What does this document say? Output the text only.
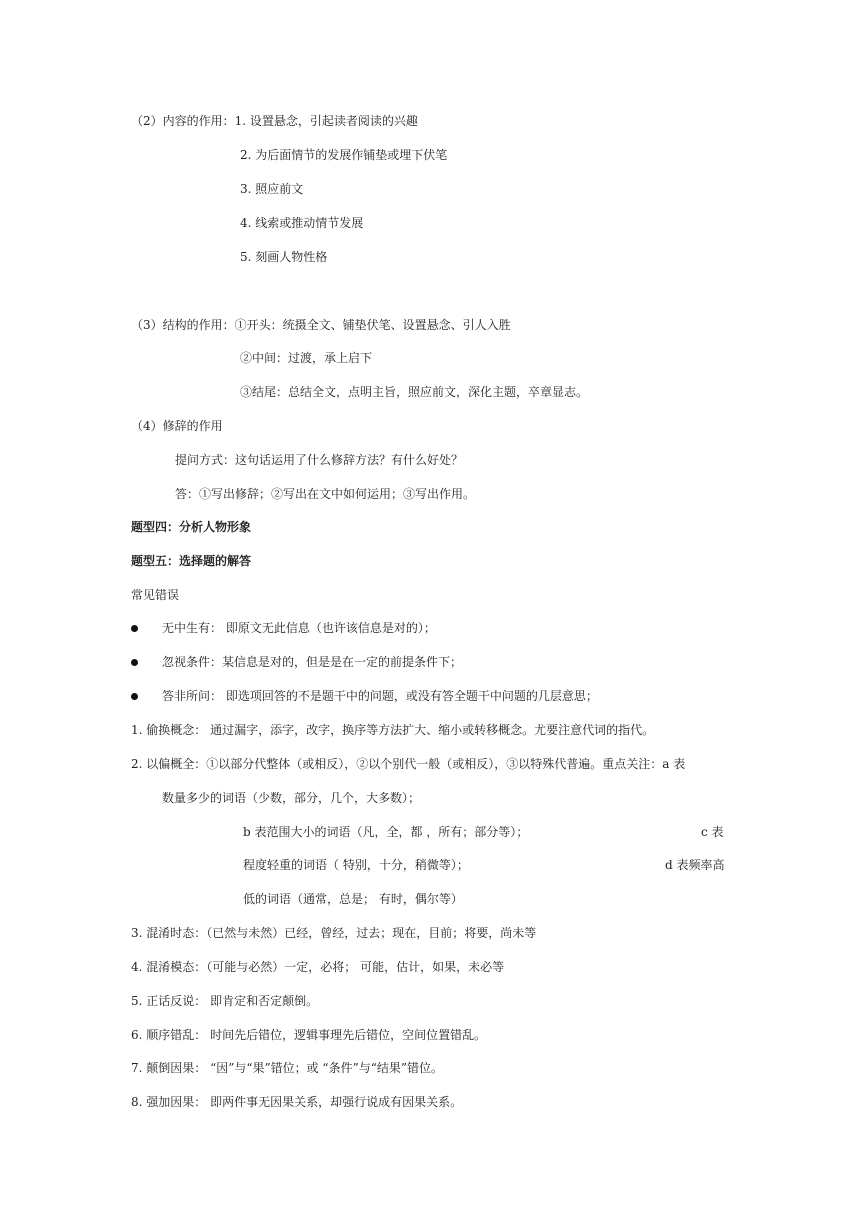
（2）内容的作用：1. 设置悬念，引起读者阅读的兴趣
2. 为后面情节的发展作铺垫或埋下伏笔
3. 照应前文
4. 线索或推动情节发展
5. 刻画人物性格
（3）结构的作用：①开头：统摄全文、铺垫伏笔、设置悬念、引人入胜
②中间：过渡，承上启下
③结尾：总结全文，点明主旨，照应前文，深化主题，卒章显志。
（4）修辞的作用
提问方式：这句话运用了什么修辞方法？有什么好处？
答：①写出修辞；②写出在文中如何运用；③写出作用。
题型四：分析人物形象
题型五：选择题的解答
常见错误
无中生有： 即原文无此信息（也许该信息是对的）；
忽视条件：某信息是对的，但是是在一定的前提条件下；
答非所问： 即选项回答的不是题干中的问题，或没有答全题干中问题的几层意思；
1. 偷换概念： 通过漏字，添字，改字，换序等方法扩大、缩小或转移概念。尤要注意代词的指代。
2. 以偏概全：①以部分代整体（或相反），②以个别代一般（或相反），③以特殊代普遍。重点关注：a 表
数量多少的词语（少数，部分，几个，大多数）；
b 表范围大小的词语（凡，全，都 ，所有；部分等）；	c 表
程度轻重的词语（ 特别，十分，稍微等）；	d 表频率高
低的词语（通常，总是； 有时，偶尔等）
3. 混淆时态：（已然与未然）已经，曾经，过去；现在，目前；将要，尚未等
4. 混淆模态：（可能与必然）一定，必将； 可能，估计，如果，未必等
5. 正话反说： 即肯定和否定颠倒。
6. 顺序错乱： 时间先后错位，逻辑事理先后错位，空间位置错乱。
7. 颠倒因果： “因”与“果”错位；或 “条件”与“结果”错位。
8. 强加因果： 即两件事无因果关系，却强行说成有因果关系。
